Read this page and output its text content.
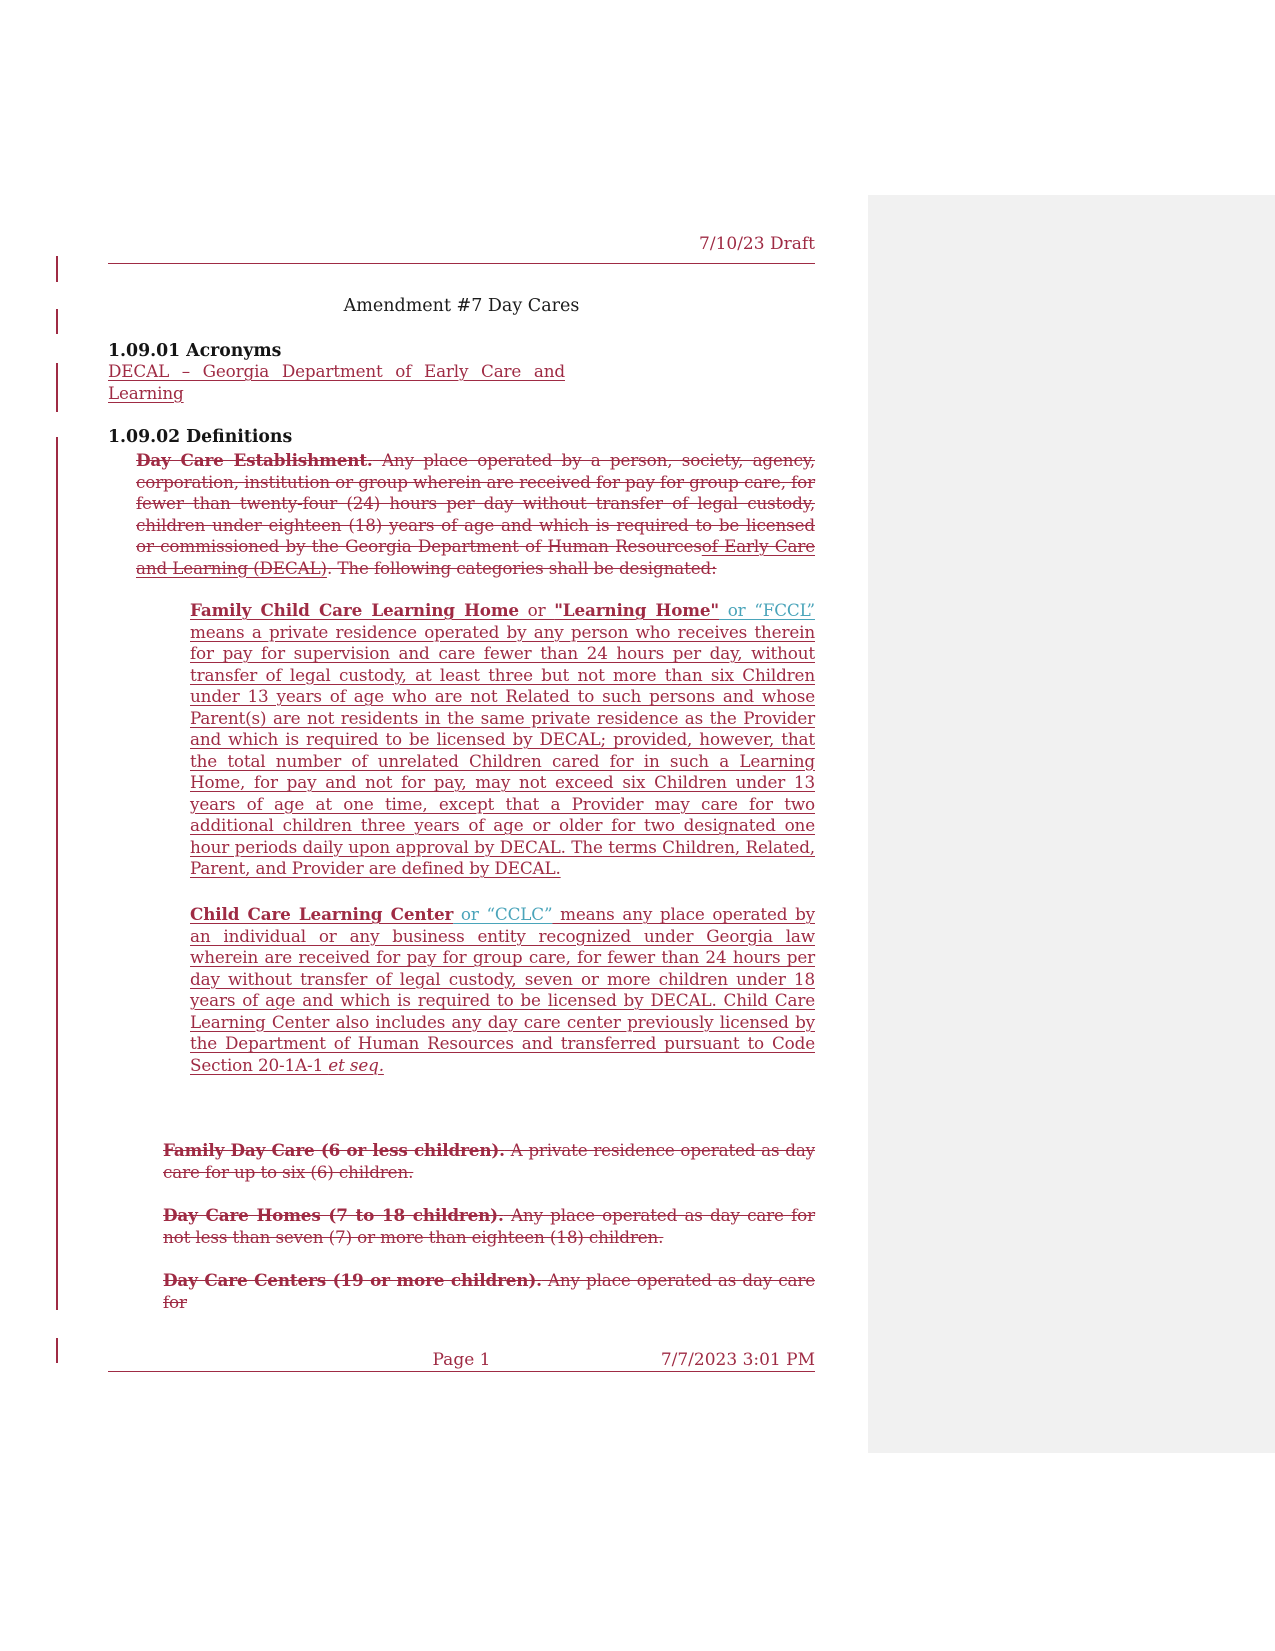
7/10/23 Draft
Amendment #7 Day Cares
1.09.01 Acronyms
DECAL – Georgia Department of Early Care and Learning
1.09.02 Definitions

Day Care Establishment. Any place operated by a person, society, agency, corporation, institution or group wherein are received for pay for group care, for fewer than twenty-four (24) hours per day without transfer of legal custody, children under eighteen (18) years of age and which is required to be licensed or commissioned by the Georgia Department of Human Resourcesof Early Care and Learning (DECAL). The following categories shall be designated:

Family Child Care Learning Home or "Learning Home" or “FCCL” means a private residence operated by any person who receives therein for pay for supervision and care fewer than 24 hours per day, without transfer of legal custody, at least three but not more than six Children under 13 years of age who are not Related to such persons and whose Parent(s) are not residents in the same private residence as the Provider and which is required to be licensed by DECAL; provided, however, that the total number of unrelated Children cared for in such a Learning Home, for pay and not for pay, may not exceed six Children under 13 years of age at one time, except that a Provider may care for two additional children three years of age or older for two designated one hour periods daily upon approval by DECAL. The terms Children, Related, Parent, and Provider are defined by DECAL.

Child Care Learning Center or “CCLC” means any place operated by an individual or any business entity recognized under Georgia law wherein are received for pay for group care, for fewer than 24 hours per day without transfer of legal custody, seven or more children under 18 years of age and which is required to be licensed by DECAL. Child Care Learning Center also includes any day care center previously licensed by the Department of Human Resources and transferred pursuant to Code Section 20-1A-1 et seq.

Family Day Care (6 or less children). A private residence operated as day care for up to six (6) children.

Day Care Homes (7 to 18 children). Any place operated as day care for not less than seven (7) or more than eighteen (18) children.

Day Care Centers (19 or more children). Any place operated as day care for

Page 1	7/7/2023 3:01 PM
